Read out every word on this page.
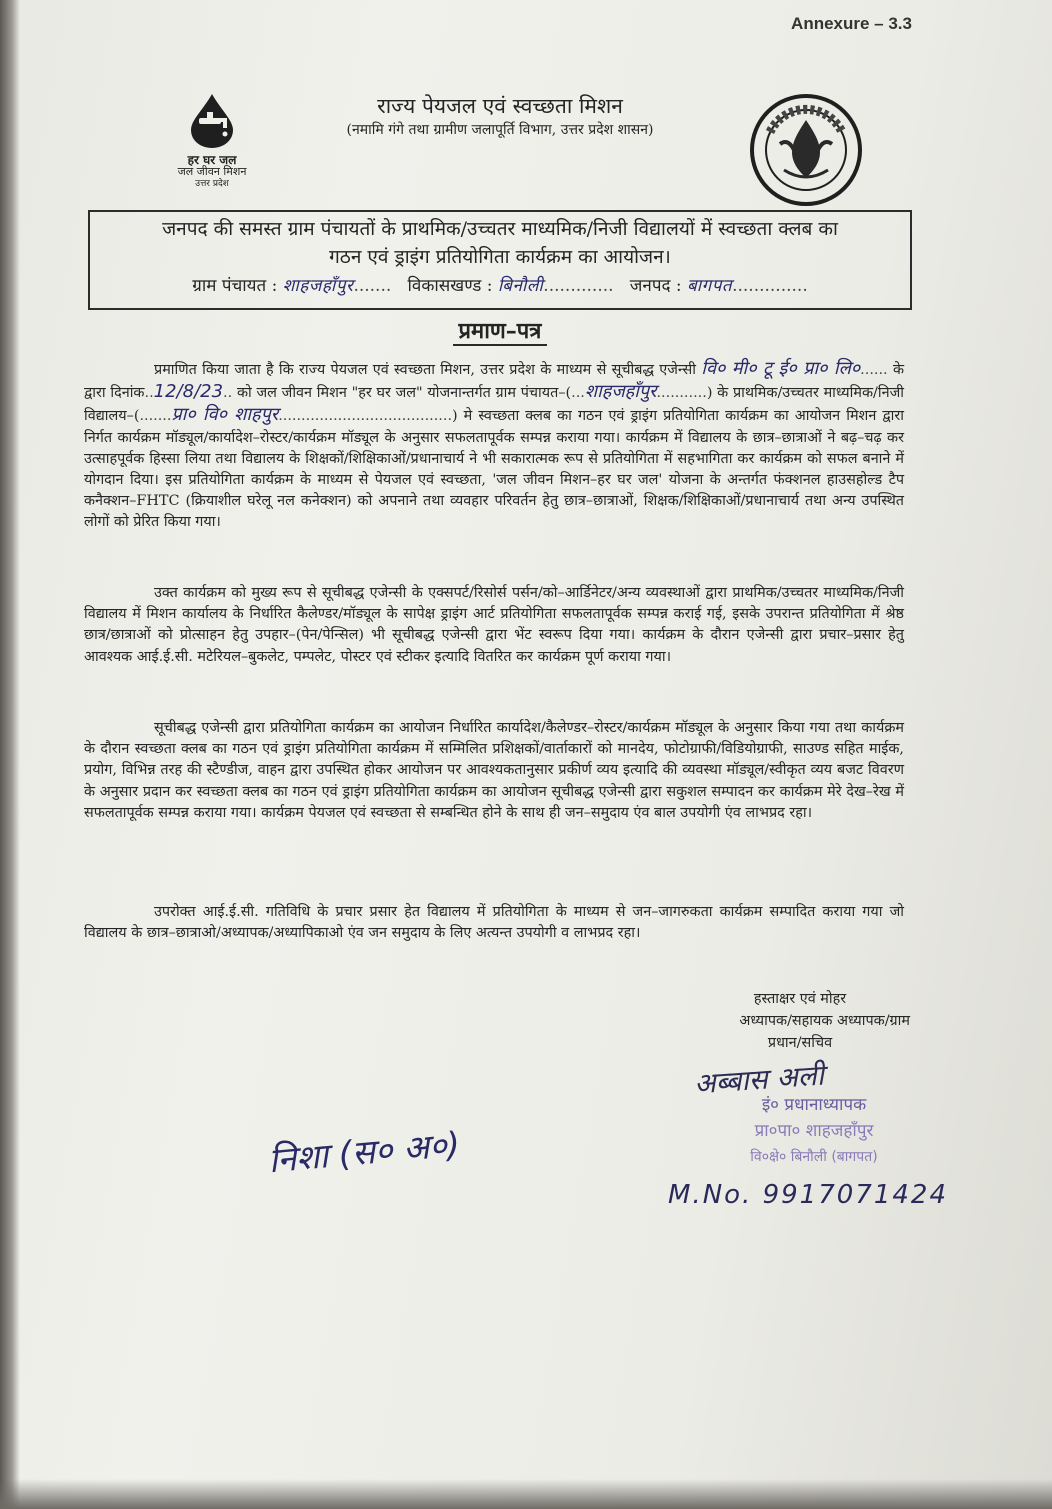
Annexure – 3.3
हर घर जल
जल जीवन मिशन
उत्तर प्रदेश
राज्य पेयजल एवं स्वच्छता मिशन
(नमामि गंगे तथा ग्रामीण जलापूर्ति विभाग, उत्तर प्रदेश शासन)
जनपद की समस्त ग्राम पंचायतों के प्राथमिक/उच्चतर माध्यमिक/निजी विद्यालयों में स्वच्छता क्लब का
गठन एवं ड्राइंग प्रतियोगिता कार्यक्रम का आयोजन।
ग्राम पंचायत : शाहजहाँपुर....... विकासखण्ड : बिनौली............. जनपद : बागपत..............
प्रमाण–पत्र
प्रमाणित किया जाता है कि राज्य पेयजल एवं स्वच्छता मिशन, उत्तर प्रदेश के माध्यम से सूचीबद्ध एजेन्सी वि० मी० टू ई० प्रा० लि०...... के द्वारा दिनांक..12/8/23.. को जल जीवन मिशन "हर घर जल" योजनान्तर्गत ग्राम पंचायत–(...शाहजहाँपुर...........) के प्राथमिक/उच्चतर माध्यमिक/निजी विद्यालय–(.......प्रा० वि० शाहपुर......................................) मे स्वच्छता क्लब का गठन एवं ड्राइंग प्रतियोगिता कार्यक्रम का आयोजन मिशन द्वारा निर्गत कार्यक्रम मॉड्यूल/कार्यादेश–रोस्टर/कार्यक्रम मॉड्यूल के अनुसार सफलतापूर्वक सम्पन्न कराया गया। कार्यक्रम में विद्यालय के छात्र–छात्राओं ने बढ़–चढ़ कर उत्साहपूर्वक हिस्सा लिया तथा विद्यालय के शिक्षकों/शिक्षिकाओं/प्रधानाचार्य ने भी सकारात्मक रूप से प्रतियोगिता में सहभागिता कर कार्यक्रम को सफल बनाने में योगदान दिया। इस प्रतियोगिता कार्यक्रम के माध्यम से पेयजल एवं स्वच्छता, 'जल जीवन मिशन–हर घर जल' योजना के अन्तर्गत फंक्शनल हाउसहोल्ड टैप कनैक्शन–FHTC (क्रियाशील घरेलू नल कनेक्शन) को अपनाने तथा व्यवहार परिवर्तन हेतु छात्र–छात्राओं, शिक्षक/शिक्षिकाओं/प्रधानाचार्य तथा अन्य उपस्थित लोगों को प्रेरित किया गया।
उक्त कार्यक्रम को मुख्य रूप से सूचीबद्ध एजेन्सी के एक्सपर्ट/रिसोर्स पर्सन/को–आर्डिनेटर/अन्य व्यवस्थाओं द्वारा प्राथमिक/उच्चतर माध्यमिक/निजी विद्यालय में मिशन कार्यालय के निर्धारित कैलेण्डर/मॉड्यूल के सापेक्ष ड्राइंग आर्ट प्रतियोगिता सफलतापूर्वक सम्पन्न कराई गई, इसके उपरान्त प्रतियोगिता में श्रेष्ठ छात्र/छात्राओं को प्रोत्साहन हेतु उपहार–(पेन/पेन्सिल) भी सूचीबद्ध एजेन्सी द्वारा भेंट स्वरूप दिया गया। कार्यक्रम के दौरान एजेन्सी द्वारा प्रचार–प्रसार हेतु आवश्यक आई.ई.सी. मटेरियल–बुकलेट, पम्पलेट, पोस्टर एवं स्टीकर इत्यादि वितरित कर कार्यक्रम पूर्ण कराया गया।
सूचीबद्ध एजेन्सी द्वारा प्रतियोगिता कार्यक्रम का आयोजन निर्धारित कार्यादेश/कैलेण्डर–रोस्टर/कार्यक्रम मॉड्यूल के अनुसार किया गया तथा कार्यक्रम के दौरान स्वच्छता क्लब का गठन एवं ड्राइंग प्रतियोगिता कार्यक्रम में सम्मिलित प्रशिक्षकों/वार्ताकारों को मानदेय, फोटोग्राफी/विडियोग्राफी, साउण्ड सहित माईक, प्रयोग, विभिन्न तरह की स्टैण्डीज, वाहन द्वारा उपस्थित होकर आयोजन पर आवश्यकतानुसार प्रकीर्ण व्यय इत्यादि की व्यवस्था मॉड्यूल/स्वीकृत व्यय बजट विवरण के अनुसार प्रदान कर स्वच्छता क्लब का गठन एवं ड्राइंग प्रतियोगिता कार्यक्रम का आयोजन सूचीबद्ध एजेन्सी द्वारा सकुशल सम्पादन कर कार्यक्रम मेरे देख–रेख में सफलतापूर्वक सम्पन्न कराया गया। कार्यक्रम पेयजल एवं स्वच्छता से सम्बन्धित होने के साथ ही जन–समुदाय एंव बाल उपयोगी एंव लाभप्रद रहा।
उपरोक्त आई.ई.सी. गतिविधि के प्रचार प्रसार हेत विद्यालय में प्रतियोगिता के माध्यम से जन–जागरुकता कार्यक्रम सम्पादित कराया गया जो विद्यालय के छात्र–छात्राओ/अध्यापक/अध्यापिकाओ एंव जन समुदाय के लिए अत्यन्त उपयोगी व लाभप्रद रहा।
हस्ताक्षर एवं मोहर
अध्यापक/सहायक अध्यापक/ग्राम
प्रधान/सचिव
अब्बास अली
इं० प्रधानाध्यापक
प्रा०पा० शाहजहाँपुर
वि०क्षे० बिनौली (बागपत)
M.No. 9917071424
निशा (स० अ०)
